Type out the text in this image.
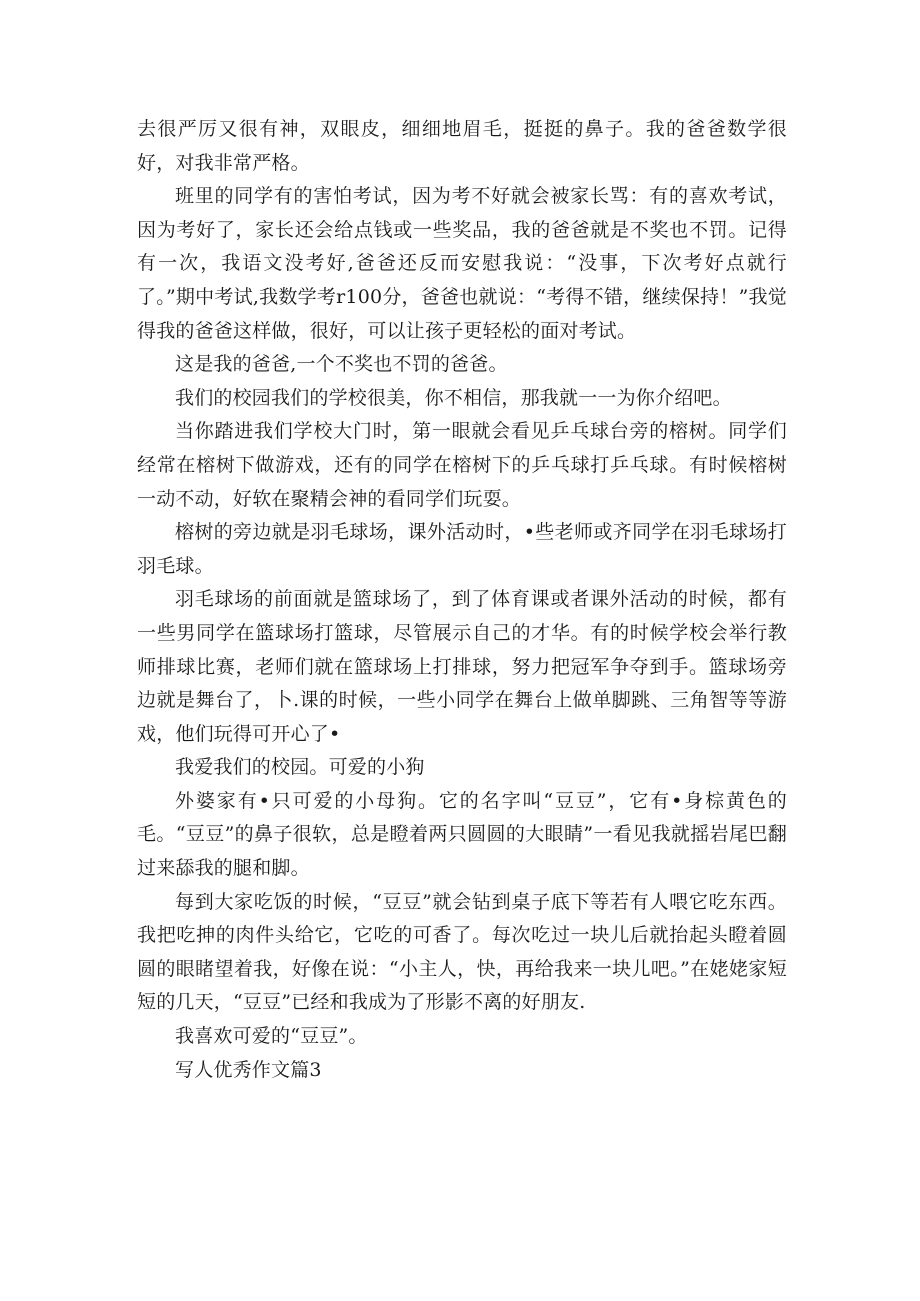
去很严厉又很有神，双眼皮，细细地眉毛，挺挺的鼻子。我的爸爸数学很好，对我非常严格。

班里的同学有的害怕考试，因为考不好就会被家长骂：有的喜欢考试，因为考好了，家长还会给点钱或一些奖品，我的爸爸就是不奖也不罚。记得有一次，我语文没考好,爸爸还反而安慰我说：“没事，下次考好点就行了。”期中考试,我数学考r100分，爸爸也就说：“考得不错，继续保持！”我觉得我的爸爸这样做，很好，可以让孩子更轻松的面对考试。

这是我的爸爸,一个不奖也不罚的爸爸。

我们的校园我们的学校很美，你不相信，那我就一一为你介绍吧。

当你踏进我们学校大门时，第一眼就会看见乒乓球台旁的榕树。同学们经常在榕树下做游戏，还有的同学在榕树下的乒乓球打乒乓球。有时候榕树一动不动，好软在聚精会神的看同学们玩耍。

榕树的旁边就是羽毛球场，课外活动时，•些老师或齐同学在羽毛球场打羽毛球。

羽毛球场的前面就是篮球场了，到了体育课或者课外活动的时候，都有一些男同学在篮球场打篮球，尽管展示自己的才华。有的时候学校会举行教师排球比赛，老师们就在篮球场上打排球，努力把冠军争夺到手。篮球场旁边就是舞台了，卜.课的时候，一些小同学在舞台上做单脚跳、三角智等等游戏，他们玩得可开心了•

我爱我们的校园。可爱的小狗

外婆家有•只可爱的小母狗。它的名字叫“豆豆”，它有•身棕黄色的毛。“豆豆”的鼻子很软，总是瞪着两只圆圆的大眼睛”一看见我就摇岩尾巴翻过来舔我的腿和脚。

每到大家吃饭的时候，“豆豆”就会钻到桌子底下等若有人喂它吃东西。我把吃抻的肉件头给它，它吃的可香了。每次吃过一块儿后就抬起头瞪着圆圆的眼睹望着我，好像在说：“小主人，快，再给我来一块儿吧。”在姥姥家短短的几天，“豆豆”已经和我成为了形影不离的好朋友.

我喜欢可爱的“豆豆”。

写人优秀作文篇3
